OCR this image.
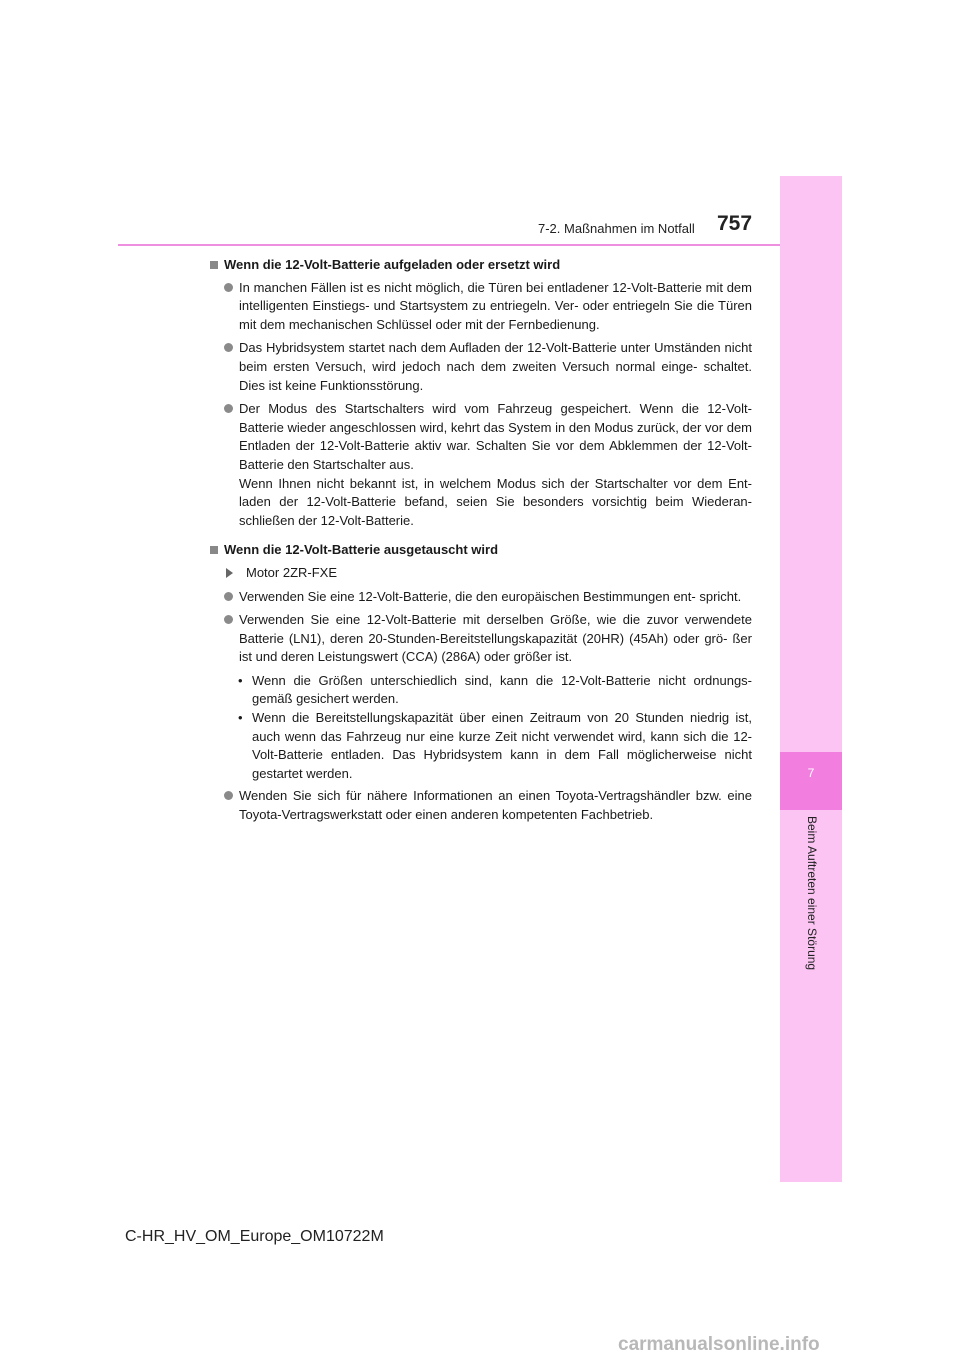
7
Beim Auftreten einer Störung
7-2. Maßnahmen im Notfall 757
Wenn die 12-Volt-Batterie aufgeladen oder ersetzt wird
In manchen Fällen ist es nicht möglich, die Türen bei entladener 12-Volt-Batterie mit dem intelligenten Einstiegs- und Startsystem zu entriegeln. Ver- oder entriegeln Sie die Türen mit dem mechanischen Schlüssel oder mit der Fernbedienung.
Das Hybridsystem startet nach dem Aufladen der 12-Volt-Batterie unter Umständen nicht beim ersten Versuch, wird jedoch nach dem zweiten Versuch normal einge- schaltet. Dies ist keine Funktionsstörung.
Der Modus des Startschalters wird vom Fahrzeug gespeichert. Wenn die 12-Volt- Batterie wieder angeschlossen wird, kehrt das System in den Modus zurück, der vor dem Entladen der 12-Volt-Batterie aktiv war. Schalten Sie vor dem Abklemmen der 12-Volt-Batterie den Startschalter aus.
Wenn Ihnen nicht bekannt ist, in welchem Modus sich der Startschalter vor dem Ent- laden der 12-Volt-Batterie befand, seien Sie besonders vorsichtig beim Wiederan- schließen der 12-Volt-Batterie.
Wenn die 12-Volt-Batterie ausgetauscht wird
Motor 2ZR-FXE
Verwenden Sie eine 12-Volt-Batterie, die den europäischen Bestimmungen ent- spricht.
Verwenden Sie eine 12-Volt-Batterie mit derselben Größe, wie die zuvor verwendete Batterie (LN1), deren 20-Stunden-Bereitstellungskapazität (20HR) (45Ah) oder grö- ßer ist und deren Leistungswert (CCA) (286A) oder größer ist.
• Wenn die Größen unterschiedlich sind, kann die 12-Volt-Batterie nicht ordnungs- gemäß gesichert werden.
• Wenn die Bereitstellungskapazität über einen Zeitraum von 20 Stunden niedrig ist, auch wenn das Fahrzeug nur eine kurze Zeit nicht verwendet wird, kann sich die 12-Volt-Batterie entladen. Das Hybridsystem kann in dem Fall möglicherweise nicht gestartet werden.
Wenden Sie sich für nähere Informationen an einen Toyota-Vertragshändler bzw. eine Toyota-Vertragswerkstatt oder einen anderen kompetenten Fachbetrieb.
C-HR_HV_OM_Europe_OM10722M
carmanualsonline.info
